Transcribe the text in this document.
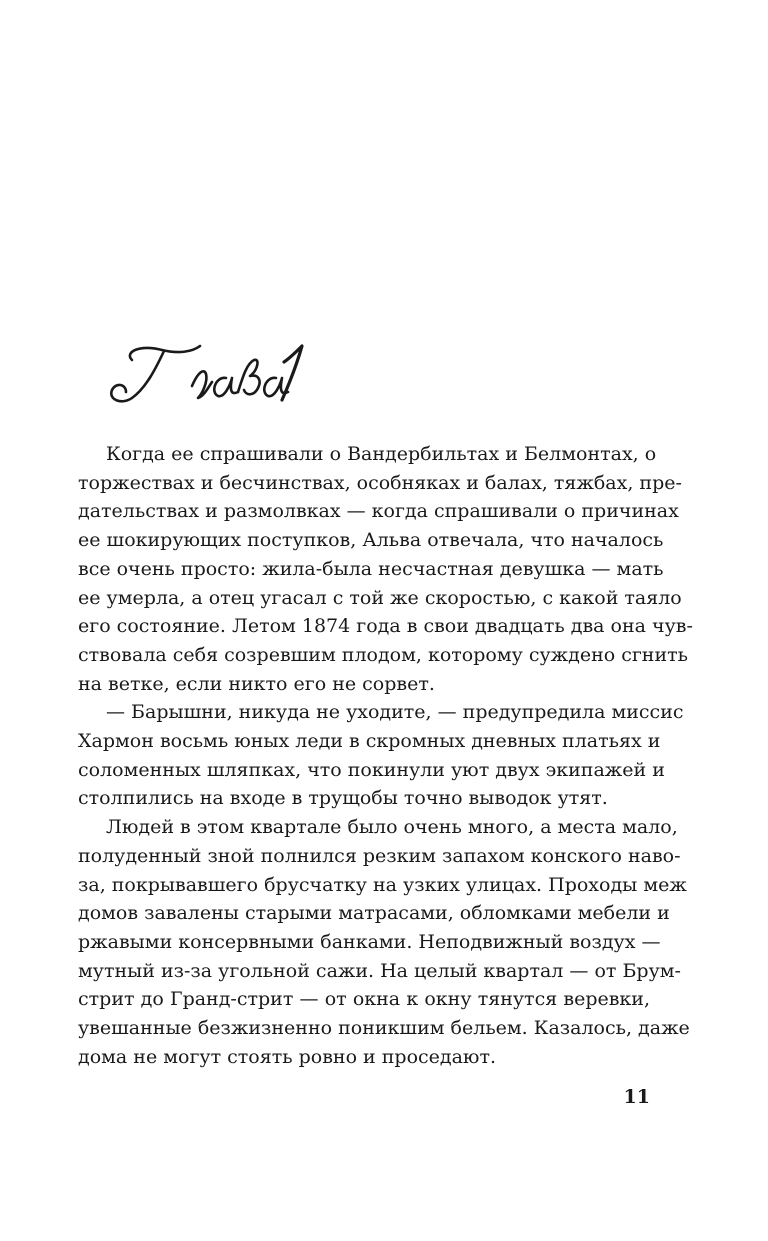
Когда ее спрашивали о Вандербильтах и Белмонтах, о
торжествах и бесчинствах, особняках и балах, тяжбах, пре-
дательствах и размолвках — когда спрашивали о причинах
ее шокирующих поступков, Альва отвечала, что началось
все очень просто: жила-была несчастная девушка — мать
ее умерла, а отец угасал с той же скоростью, с какой таяло
его состояние. Летом 1874 года в свои двадцать два она чув-
ствовала себя созревшим плодом, которому суждено сгнить
на ветке, если никто его не сорвет.

— Барышни, никуда не уходите, — предупредила миссис
Хармон восьмь юных леди в скромных дневных платьях и
соломенных шляпках, что покинули уют двух экипажей и
столпились на входе в трущобы точно выводок утят.

Людей в этом квартале было очень много, а места мало,
полуденный зной полнился резким запахом конского наво-
за, покрывавшего брусчатку на узких улицах. Проходы меж
домов завалены старыми матрасами, обломками мебели и
ржавыми консервными банками. Неподвижный воздух —
мутный из-за угольной сажи. На целый квартал — от Брум-
стрит до Гранд-стрит — от окна к окну тянутся веревки,
увешанные безжизненно поникшим бельем. Казалось, даже
дома не могут стоять ровно и проседают.

11
